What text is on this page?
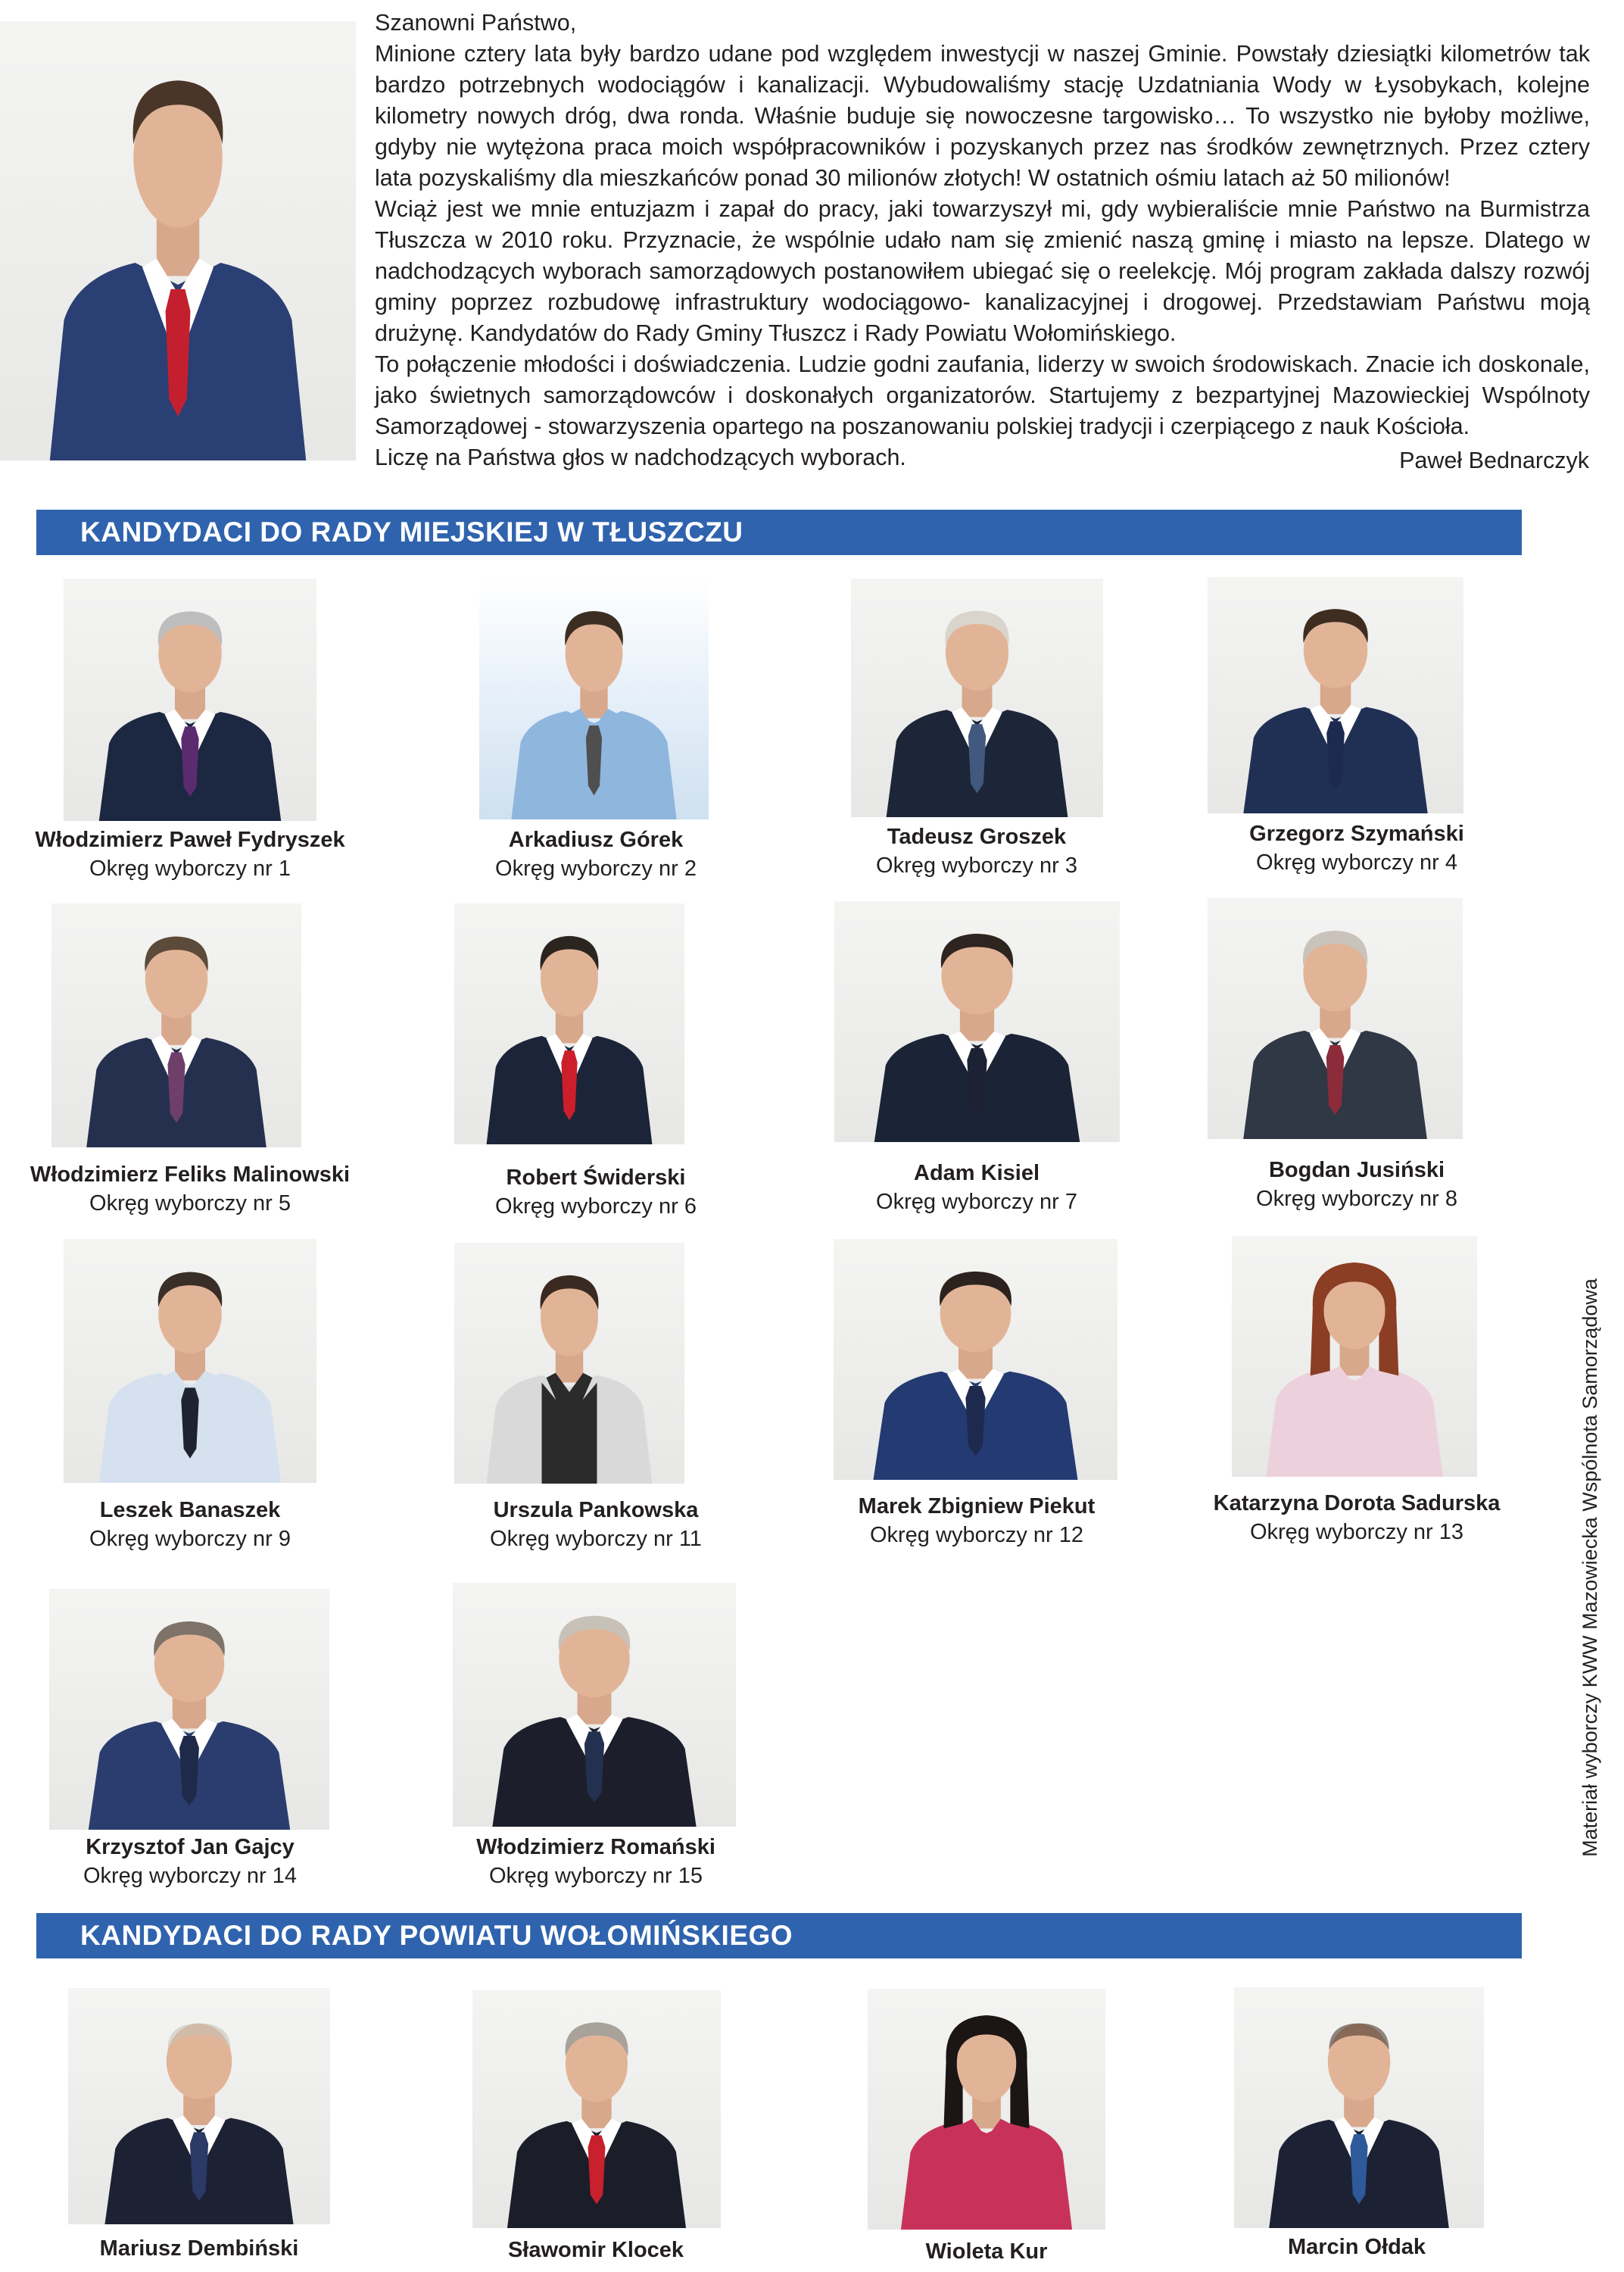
Szanowni Państwo,

Minione cztery lata były bardzo udane pod względem inwestycji w naszej Gminie. Powstały dziesiątki kilometrów tak bardzo potrzebnych wodociągów i kanalizacji. Wybudowaliśmy stację Uzdatniania Wody w Łysobykach, kolejne kilometry nowych dróg, dwa ronda. Właśnie buduje się nowoczesne targowisko… To wszystko nie byłoby możliwe, gdyby nie wytężona praca moich współpracowników i pozyskanych przez nas środków zewnętrznych. Przez cztery lata pozyskaliśmy dla mieszkańców ponad 30 milionów złotych! W ostatnich ośmiu latach aż 50 milionów!

Wciąż jest we mnie entuzjazm i zapał do pracy, jaki towarzyszył mi, gdy wybieraliście mnie Państwo na Burmistrza Tłuszcza w 2010 roku. Przyznacie, że wspólnie udało nam się zmienić naszą gminę i miasto na lepsze. Dlatego w nadchodzących wyborach samorządowych postanowiłem ubiegać się o reelekcję. Mój program zakłada dalszy rozwój gminy poprzez rozbudowę infrastruktury wodociągowo- kanalizacyjnej i drogowej. Przedstawiam Państwu moją drużynę. Kandydatów do Rady Gminy Tłuszcz i Rady Powiatu Wołomińskiego.

To połączenie młodości i doświadczenia. Ludzie godni zaufania, liderzy w swoich środowiskach. Znacie ich doskonale, jako świetnych samorządowców i doskonałych organizatorów. Startujemy z bezpartyjnej Mazowieckiej Wspólnoty Samorządowej - stowarzyszenia opartego na poszanowaniu polskiej tradycji i czerpiącego z nauk Kościoła.

Liczę na Państwa głos w nadchodzących wyborach.	Paweł Bednarczyk
KANDYDACI DO RADY MIEJSKIEJ W TŁUSZCZU
Włodzimierz Paweł Fydryszek
Okręg wyborczy nr 1
Arkadiusz Górek
Okręg wyborczy nr 2
Tadeusz Groszek
Okręg wyborczy nr 3
Grzegorz Szymański
Okręg wyborczy nr 4
Włodzimierz Feliks Malinowski
Okręg wyborczy nr 5
Robert Świderski
Okręg wyborczy nr 6
Adam Kisiel
Okręg wyborczy nr 7
Bogdan Jusiński
Okręg wyborczy nr 8
Leszek Banaszek
Okręg wyborczy nr 9
Urszula Pankowska
Okręg wyborczy nr 11
Marek Zbigniew Piekut
Okręg wyborczy nr 12
Katarzyna Dorota Sadurska
Okręg wyborczy nr 13
Krzysztof Jan Gajcy
Okręg wyborczy nr 14
Włodzimierz Romański
Okręg wyborczy nr 15
KANDYDACI DO RADY POWIATU WOŁOMIŃSKIEGO
Mariusz Dembiński	Sławomir Klocek	Wioleta Kur	Marcin Ołdak
Materiał wyborczy KWW Mazowiecka Wspólnota Samorządowa
